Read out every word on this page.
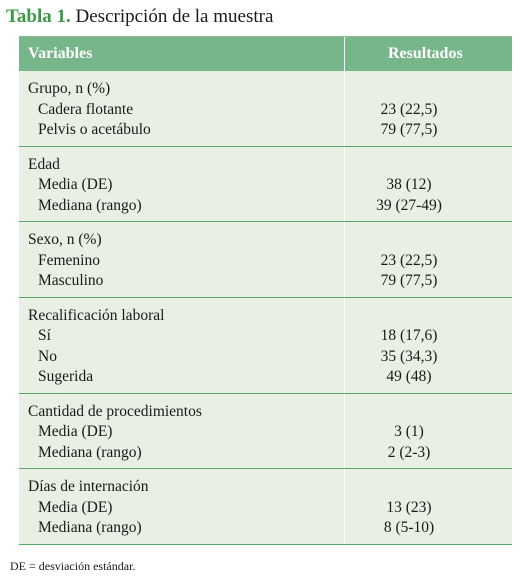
Tabla 1. Descripción de la muestra
Variables	Resultados
Grupo, n (%)
Cadera flotante	23 (22,5)
Pelvis o acetábulo	79 (77,5)
Edad
Media (DE)	38 (12)
Mediana (rango)	39 (27-49)
Sexo, n (%)
Femenino	23 (22,5)
Masculino	79 (77,5)
Recalificación laboral
Sí	18 (17,6)
No	35 (34,3)
Sugerida	49 (48)
Cantidad de procedimientos
Media (DE)	3 (1)
Mediana (rango)	2 (2-3)
Días de internación
Media (DE)	13 (23)
Mediana (rango)	8 (5-10)
DE = desviación estándar.
